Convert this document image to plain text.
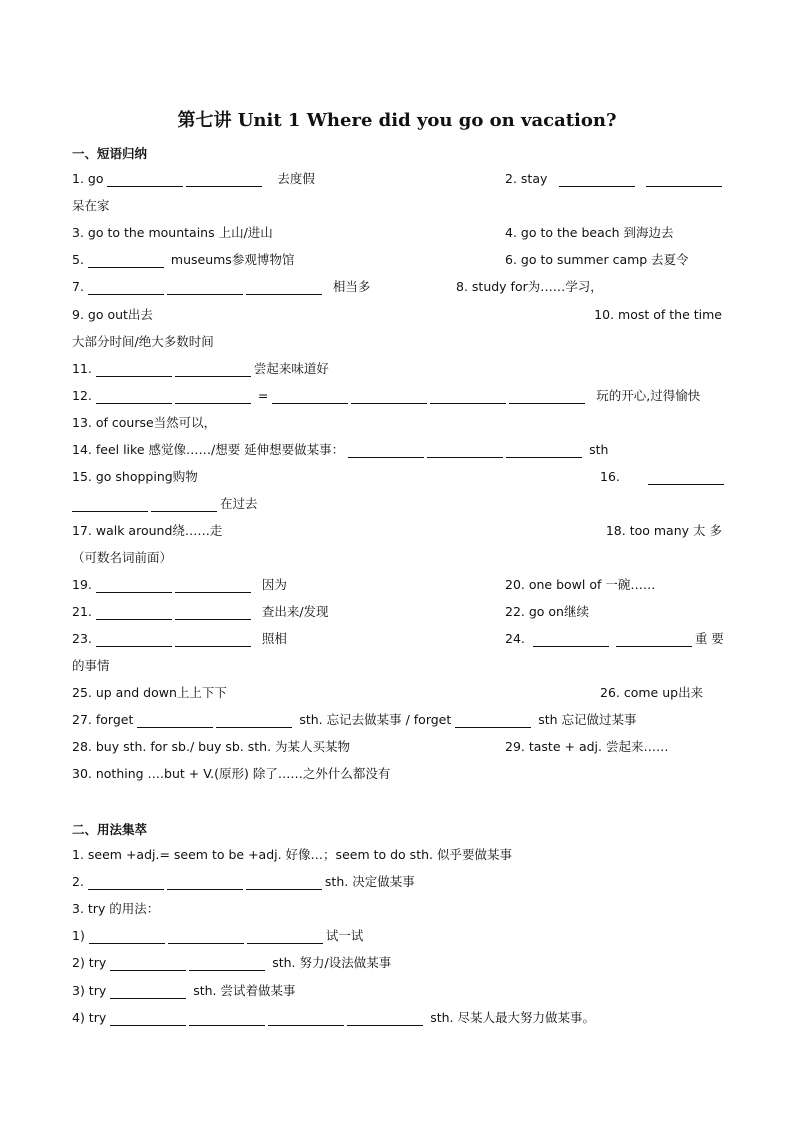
第七讲 Unit 1 Where did you go on vacation?
一、短语归纳
1. go	去度假	2. stay
呆在家
3. go to the mountains 上山/进山	4. go to the beach 到海边去
5.	museums参观博物馆	6. go to summer camp 去夏令
7.	相当多	8. study for为……学习，
9. go out出去	10. most of the time
大部分时间/绝大多数时间
11.	尝起来味道好
12.	=	玩的开心,过得愉快
13. of course当然可以，
14. feel like 感觉像……/想要 延伸想要做某事：	sth
15. go shopping购物	16.
在过去
17. walk around绕……走	18. too many 太 多
（可数名词前面）
19.	因为	20. one bowl of 一碗……
21.	查出来/发现	22. go on继续
23.	照相	24.	重 要
的事情
25. up and down上上下下	26. come up出来
27. forget	sth. 忘记去做某事 / forget	sth 忘记做过某事
28. buy sth. for sb./ buy sb. sth. 为某人买某物	29. taste + adj. 尝起来……
30. nothing ….but + V.(原形) 除了……之外什么都没有
二、用法集萃
1. seem +adj.= seem to be +adj. 好像…；seem to do sth. 似乎要做某事
2.	sth. 决定做某事
3. try 的用法：
1)	试一试
2) try	sth. 努力/设法做某事
3) try	sth. 尝试着做某事
4) try	sth. 尽某人最大努力做某事。
